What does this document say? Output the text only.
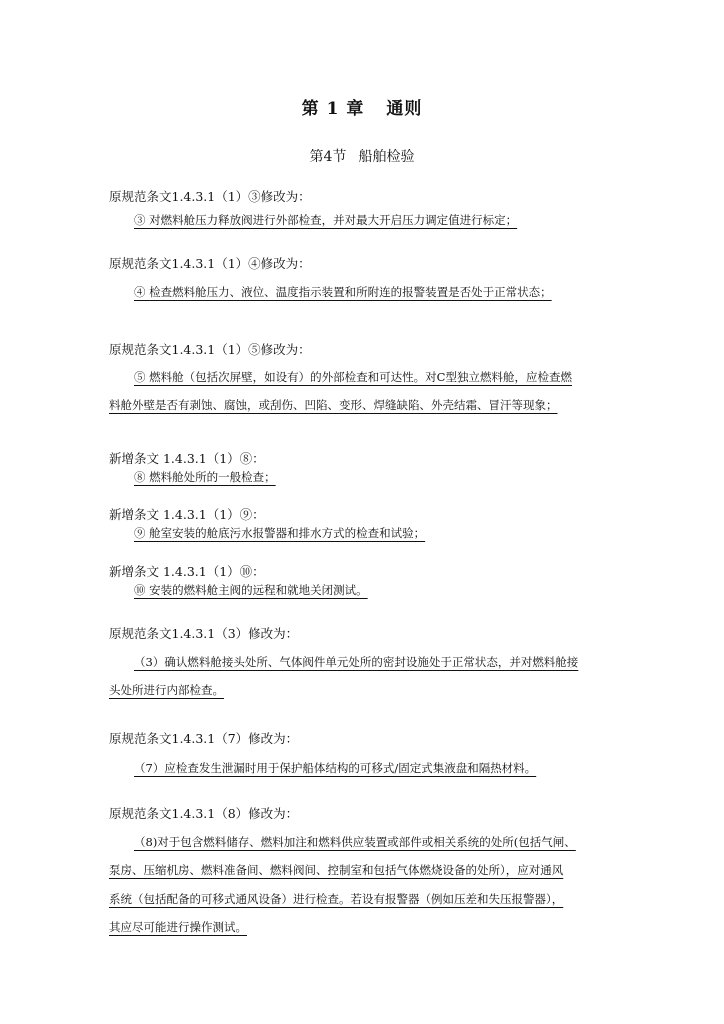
第 1 章 通则
第4节 船舶检验
原规范条文1.4.3.1（1）③修改为：
③ 对燃料舱压力释放阀进行外部检查，并对最大开启压力调定值进行标定；
原规范条文1.4.3.1（1）④修改为：
④ 检查燃料舱压力、液位、温度指示装置和所附连的报警装置是否处于正常状态；
原规范条文1.4.3.1（1）⑤修改为：
⑤ 燃料舱（包括次屏壁，如设有）的外部检查和可达性。对C型独立燃料舱，应检查燃
料舱外壁是否有剥蚀、腐蚀，或刮伤、凹陷、变形、焊缝缺陷、外壳结霜、冒汗等现象；
新增条文 1.4.3.1（1）⑧：
⑧ 燃料舱处所的一般检查；
新增条文 1.4.3.1（1）⑨：
⑨ 舱室安装的舱底污水报警器和排水方式的检查和试验；
新增条文 1.4.3.1（1）⑩：
⑩ 安装的燃料舱主阀的远程和就地关闭测试。
原规范条文1.4.3.1（3）修改为：
（3）确认燃料舱接头处所、气体阀件单元处所的密封设施处于正常状态，并对燃料舱接
头处所进行内部检查。
原规范条文1.4.3.1（7）修改为：
（7）应检查发生泄漏时用于保护船体结构的可移式/固定式集液盘和隔热材料。
原规范条文1.4.3.1（8）修改为：
（8)对于包含燃料储存、燃料加注和燃料供应装置或部件或相关系统的处所(包括气闸、
泵房、压缩机房、燃料准备间、燃料阀间、控制室和包括气体燃烧设备的处所），应对通风
系统（包括配备的可移式通风设备）进行检查。若设有报警器（例如压差和失压报警器），
其应尽可能进行操作测试。
